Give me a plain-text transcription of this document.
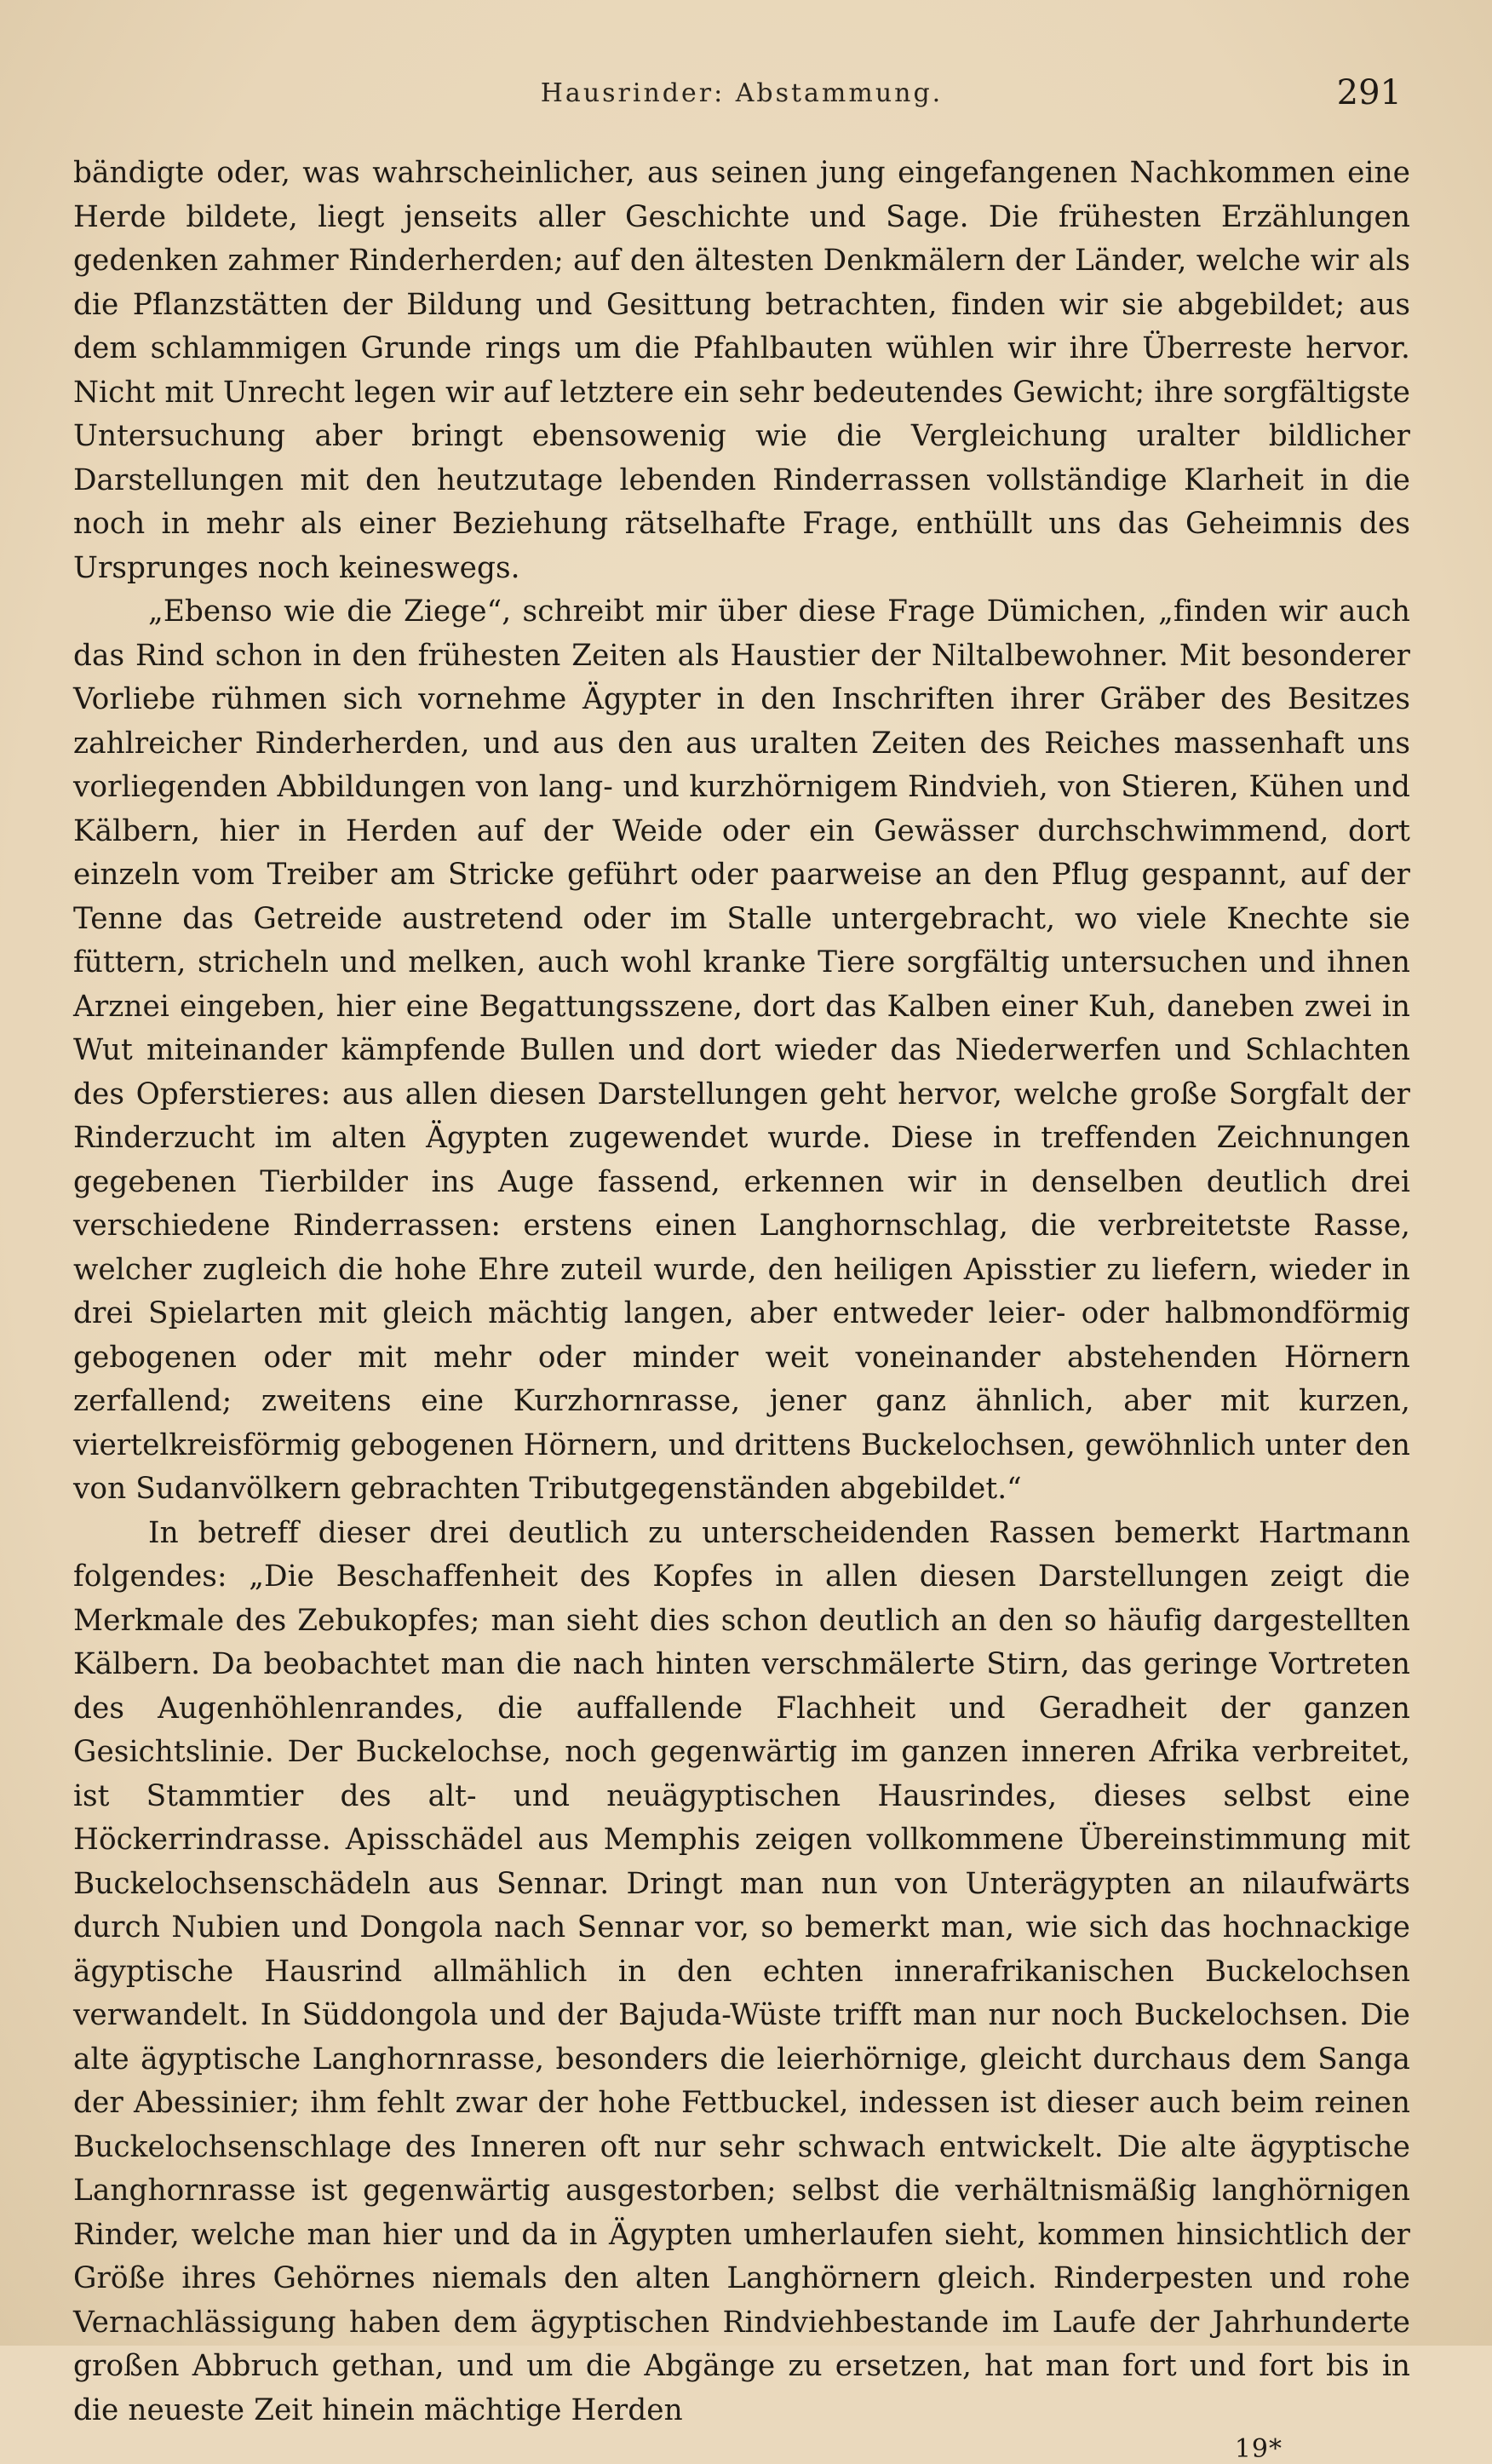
Hausrinder: Abstammung.	291

bändigte oder, was wahrscheinlicher, aus seinen jung eingefangenen Nachkommen eine Herde bildete, liegt jenseits aller Geschichte und Sage. Die frühesten Erzählungen gedenken zahmer Rinderherden; auf den ältesten Denkmälern der Länder, welche wir als die Pflanzstätten der Bildung und Gesittung betrachten, finden wir sie abgebildet; aus dem schlammigen Grunde rings um die Pfahlbauten wühlen wir ihre Überreste hervor. Nicht mit Unrecht legen wir auf letztere ein sehr bedeutendes Gewicht; ihre sorgfältigste Untersuchung aber bringt ebensowenig wie die Vergleichung uralter bildlicher Darstellungen mit den heutzutage lebenden Rinderrassen vollständige Klarheit in die noch in mehr als einer Beziehung rätselhafte Frage, enthüllt uns das Geheimnis des Ursprunges noch keineswegs.

„Ebenso wie die Ziege“, schreibt mir über diese Frage Dümichen, „finden wir auch das Rind schon in den frühesten Zeiten als Haustier der Niltalbewohner. Mit besonderer Vorliebe rühmen sich vornehme Ägypter in den Inschriften ihrer Gräber des Besitzes zahlreicher Rinderherden, und aus den aus uralten Zeiten des Reiches massenhaft uns vorliegenden Abbildungen von lang- und kurzhörnigem Rindvieh, von Stieren, Kühen und Kälbern, hier in Herden auf der Weide oder ein Gewässer durchschwimmend, dort einzeln vom Treiber am Stricke geführt oder paarweise an den Pflug gespannt, auf der Tenne das Getreide austretend oder im Stalle untergebracht, wo viele Knechte sie füttern, stricheln und melken, auch wohl kranke Tiere sorgfältig untersuchen und ihnen Arznei eingeben, hier eine Begattungsszene, dort das Kalben einer Kuh, daneben zwei in Wut miteinander kämpfende Bullen und dort wieder das Niederwerfen und Schlachten des Opferstieres: aus allen diesen Darstellungen geht hervor, welche große Sorgfalt der Rinderzucht im alten Ägypten zugewendet wurde. Diese in treffenden Zeichnungen gegebenen Tierbilder ins Auge fassend, erkennen wir in denselben deutlich drei verschiedene Rinderrassen: erstens einen Langhornschlag, die verbreitetste Rasse, welcher zugleich die hohe Ehre zuteil wurde, den heiligen Apisstier zu liefern, wieder in drei Spielarten mit gleich mächtig langen, aber entweder leier- oder halbmondförmig gebogenen oder mit mehr oder minder weit voneinander abstehenden Hörnern zerfallend; zweitens eine Kurzhornrasse, jener ganz ähnlich, aber mit kurzen, viertelkreisförmig gebogenen Hörnern, und drittens Buckelochsen, gewöhnlich unter den von Sudanvölkern gebrachten Tributgegenständen abgebildet.“

In betreff dieser drei deutlich zu unterscheidenden Rassen bemerkt Hartmann folgendes: „Die Beschaffenheit des Kopfes in allen diesen Darstellungen zeigt die Merkmale des Zebukopfes; man sieht dies schon deutlich an den so häufig dargestellten Kälbern. Da beobachtet man die nach hinten verschmälerte Stirn, das geringe Vortreten des Augenhöhlenrandes, die auffallende Flachheit und Geradheit der ganzen Gesichtslinie. Der Buckelochse, noch gegenwärtig im ganzen inneren Afrika verbreitet, ist Stammtier des alt- und neuägyptischen Hausrindes, dieses selbst eine Höckerrindrasse. Apisschädel aus Memphis zeigen vollkommene Übereinstimmung mit Buckelochsenschädeln aus Sennar. Dringt man nun von Unterägypten an nilaufwärts durch Nubien und Dongola nach Sennar vor, so bemerkt man, wie sich das hochnackige ägyptische Hausrind allmählich in den echten innerafrikanischen Buckelochsen verwandelt. In Süddongola und der Bajuda-Wüste trifft man nur noch Buckelochsen. Die alte ägyptische Langhornrasse, besonders die leierhörnige, gleicht durchaus dem Sanga der Abessinier; ihm fehlt zwar der hohe Fettbuckel, indessen ist dieser auch beim reinen Buckelochsenschlage des Inneren oft nur sehr schwach entwickelt. Die alte ägyptische Langhornrasse ist gegenwärtig ausgestorben; selbst die verhältnismäßig langhörnigen Rinder, welche man hier und da in Ägypten umherlaufen sieht, kommen hinsichtlich der Größe ihres Gehörnes niemals den alten Langhörnern gleich. Rinderpesten und rohe Vernachlässigung haben dem ägyptischen Rindviehbestande im Laufe der Jahrhunderte großen Abbruch gethan, und um die Abgänge zu ersetzen, hat man fort und fort bis in die neueste Zeit hinein mächtige Herden

19*
